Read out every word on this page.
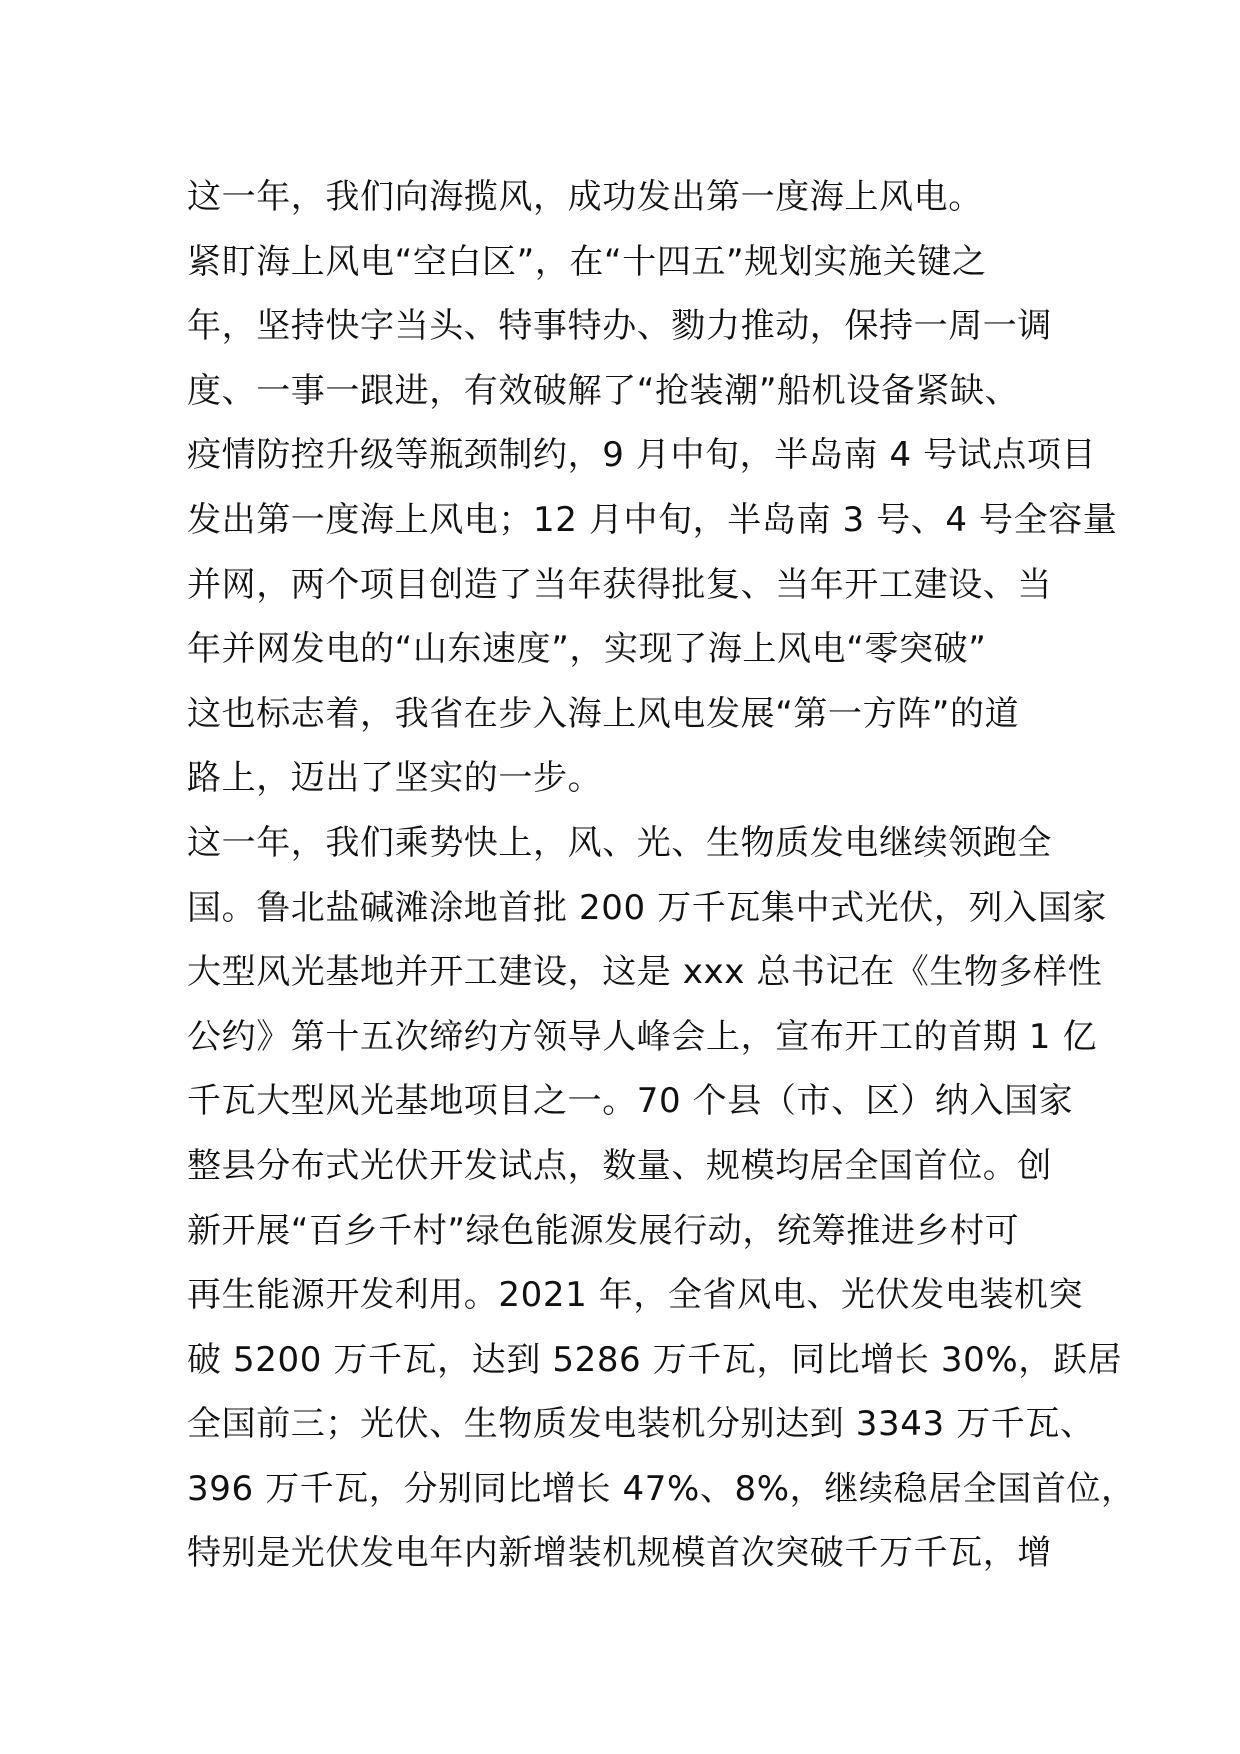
这一年，我们向海揽风，成功发出第一度海上风电。
紧盯海上风电“空白区”，在“十四五”规划实施关键之
年，坚持快字当头、特事特办、勠力推动，保持一周一调
度、一事一跟进，有效破解了“抢装潮”船机设备紧缺、
疫情防控升级等瓶颈制约，9 月中旬，半岛南 4 号试点项目
发出第一度海上风电；12 月中旬，半岛南 3 号、4 号全容量
并网，两个项目创造了当年获得批复、当年开工建设、当
年并网发电的“山东速度”，实现了海上风电“零突破”
这也标志着，我省在步入海上风电发展“第一方阵”的道
路上，迈出了坚实的一步。
这一年，我们乘势快上，风、光、生物质发电继续领跑全
国。鲁北盐碱滩涂地首批 200 万千瓦集中式光伏，列入国家
大型风光基地并开工建设，这是 xxx 总书记在《生物多样性
公约》第十五次缔约方领导人峰会上，宣布开工的首期 1 亿
千瓦大型风光基地项目之一。70 个县（市、区）纳入国家
整县分布式光伏开发试点，数量、规模均居全国首位。创
新开展“百乡千村”绿色能源发展行动，统筹推进乡村可
再生能源开发利用。2021 年，全省风电、光伏发电装机突
破 5200 万千瓦，达到 5286 万千瓦，同比增长 30%，跃居
全国前三；光伏、生物质发电装机分别达到 3343 万千瓦、
396 万千瓦，分别同比增长 47%、8%，继续稳居全国首位，
特别是光伏发电年内新增装机规模首次突破千万千瓦，增
